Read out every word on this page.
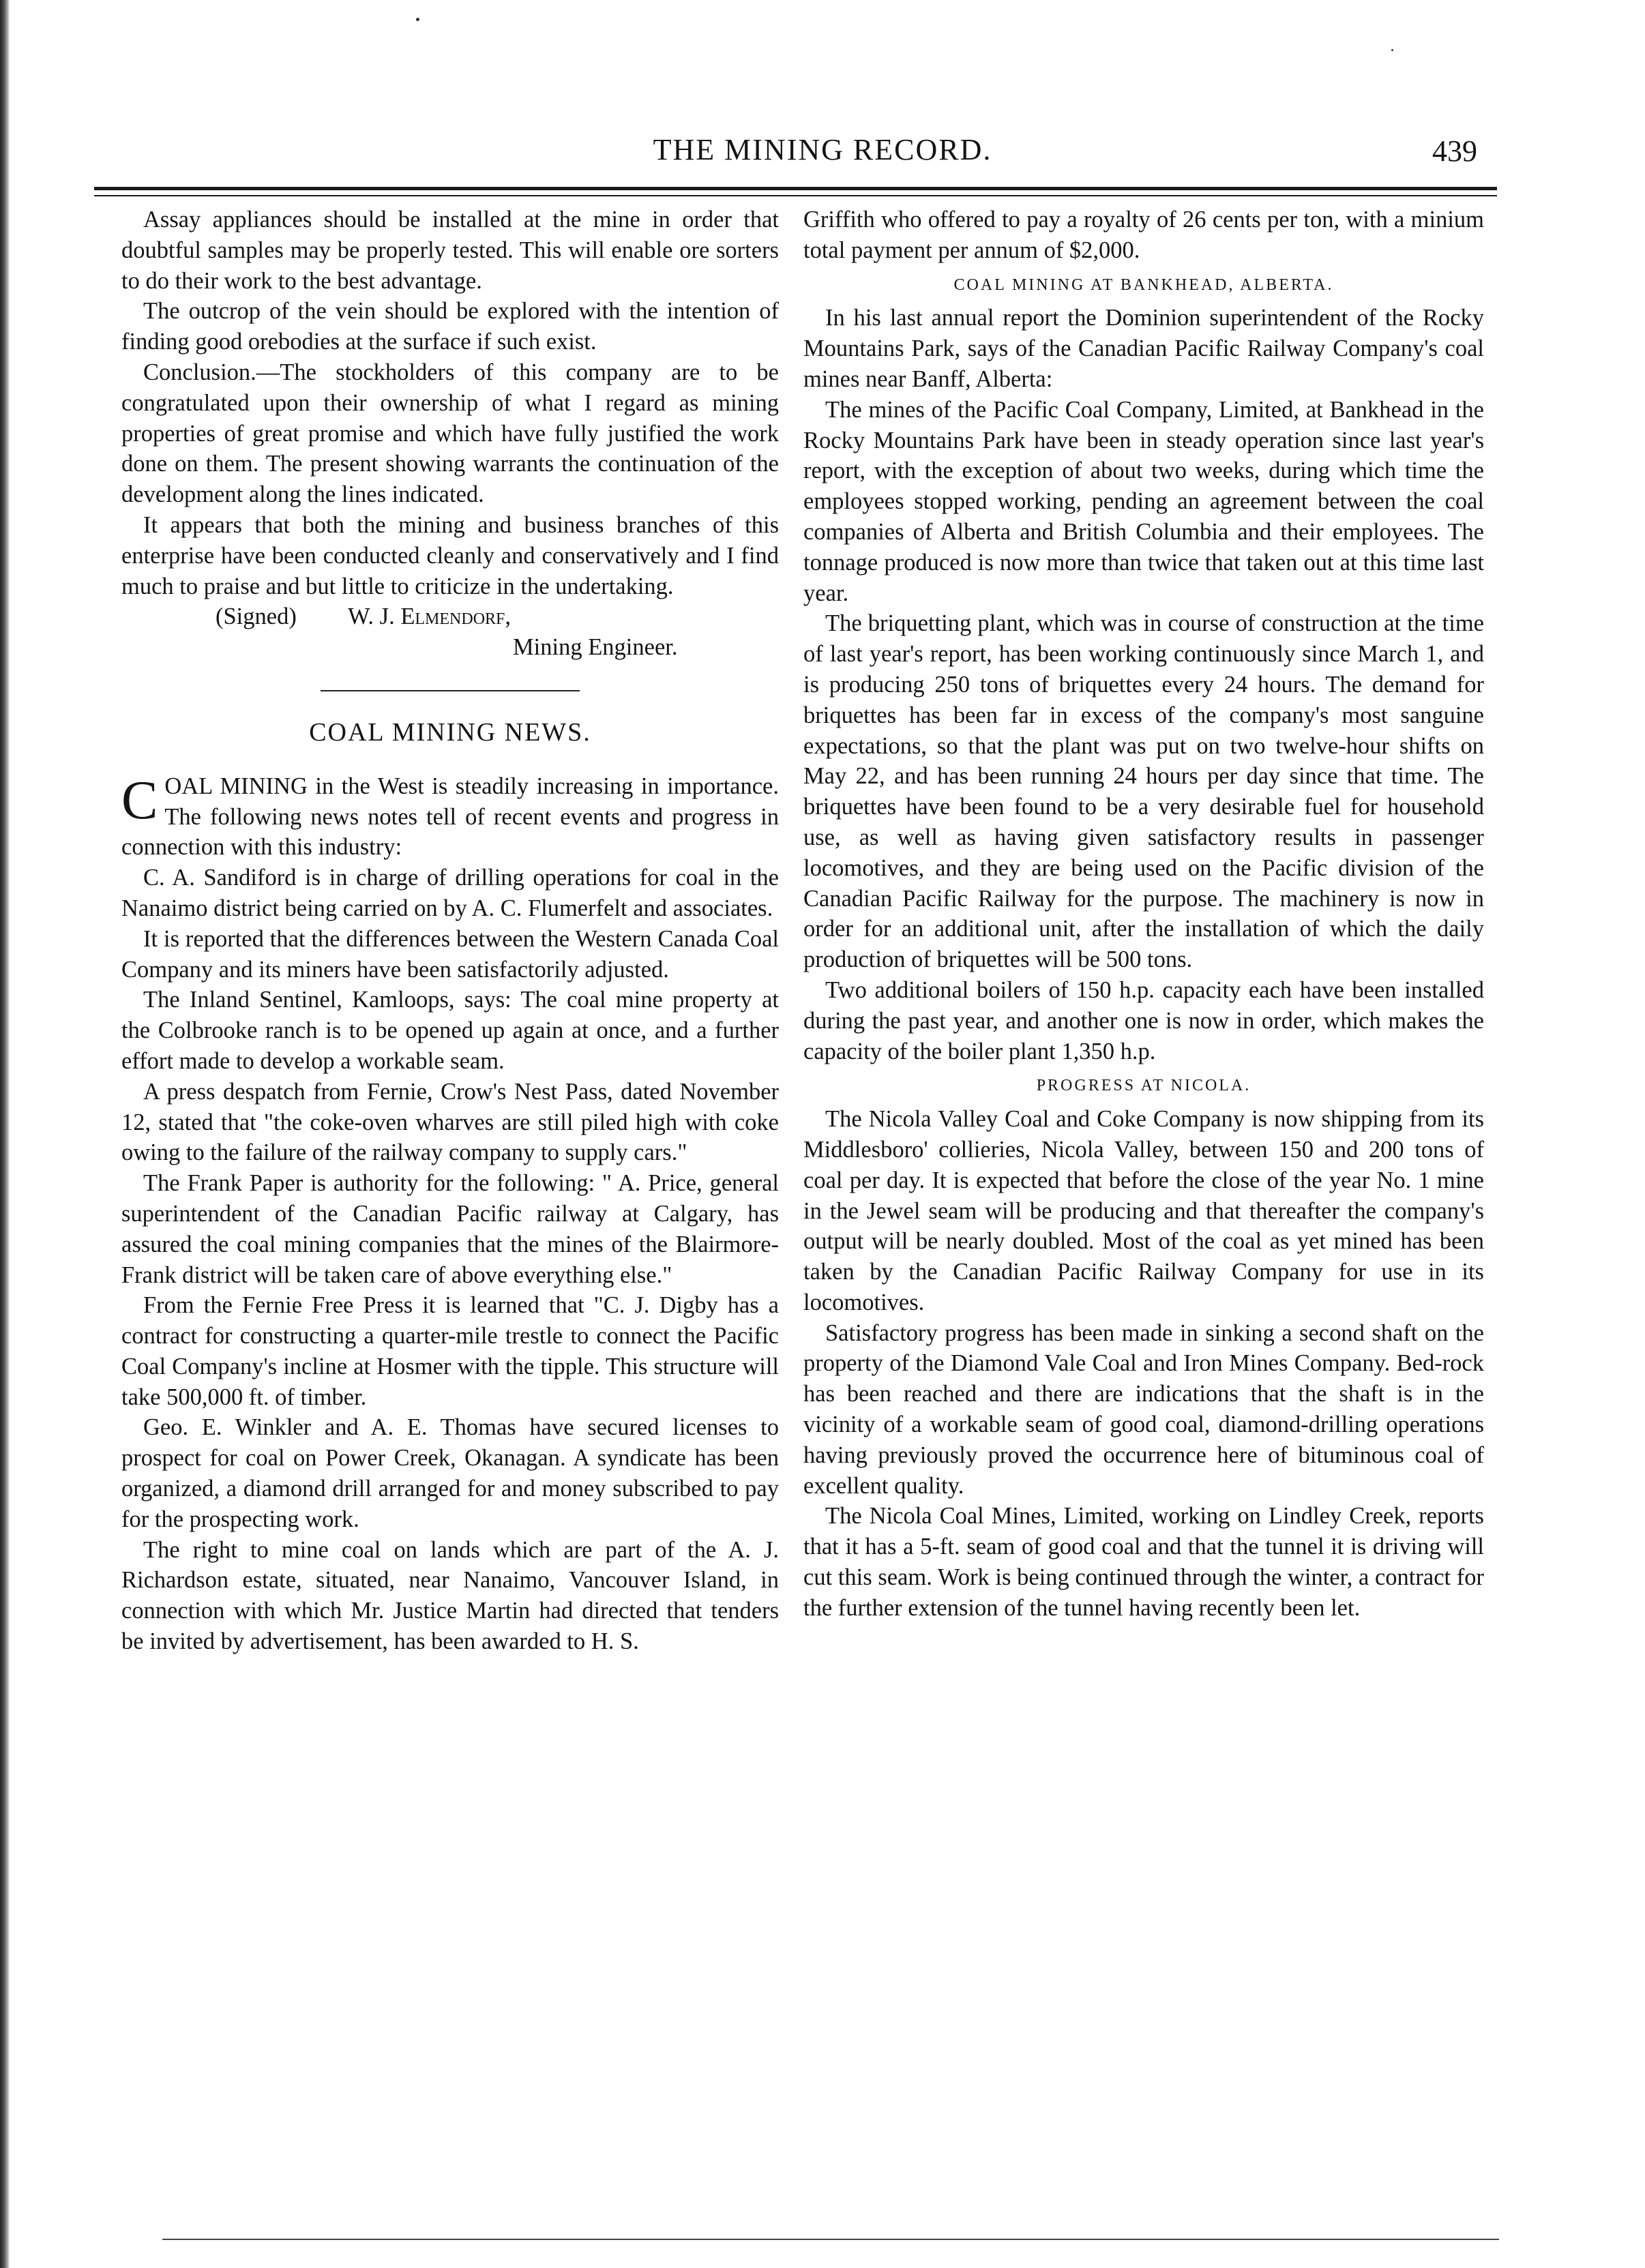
THE MINING RECORD.	439

Assay appliances should be installed at the mine in order that doubtful samples may be properly tested. This will enable ore sorters to do their work to the best advantage.

The outcrop of the vein should be explored with the intention of finding good orebodies at the surface if such exist.

Conclusion.—The stockholders of this company are to be congratulated upon their ownership of what I regard as mining properties of great promise and which have fully justified the work done on them. The present showing warrants the continuation of the development along the lines indicated.

It appears that both the mining and business branches of this enterprise have been conducted cleanly and conservatively and I find much to praise and but little to criticize in the undertaking.

(Signed) W. J. Elmendorf,

Mining Engineer.

COAL MINING NEWS.

COAL MINING in the West is steadily increasing in importance. The following news notes tell of recent events and progress in connection with this industry:

C. A. Sandiford is in charge of drilling operations for coal in the Nanaimo district being carried on by A. C. Flumerfelt and associates.

It is reported that the differences between the Western Canada Coal Company and its miners have been satisfactorily adjusted.

The Inland Sentinel, Kamloops, says: The coal mine property at the Colbrooke ranch is to be opened up again at once, and a further effort made to develop a workable seam.

A press despatch from Fernie, Crow's Nest Pass, dated November 12, stated that "the coke-oven wharves are still piled high with coke owing to the failure of the railway company to supply cars."

The Frank Paper is authority for the following: " A. Price, general superintendent of the Canadian Pacific railway at Calgary, has assured the coal mining companies that the mines of the Blairmore-Frank district will be taken care of above everything else."

From the Fernie Free Press it is learned that "C. J. Digby has a contract for constructing a quarter-mile trestle to connect the Pacific Coal Company's incline at Hosmer with the tipple. This structure will take 500,000 ft. of timber.

Geo. E. Winkler and A. E. Thomas have secured licenses to prospect for coal on Power Creek, Okanagan. A syndicate has been organized, a diamond drill arranged for and money subscribed to pay for the prospecting work.

The right to mine coal on lands which are part of the A. J. Richardson estate, situated, near Nanaimo, Vancouver Island, in connection with which Mr. Justice Martin had directed that tenders be invited by advertisement, has been awarded to H. S.

Griffith who offered to pay a royalty of 26 cents per ton, with a minium total payment per annum of $2,000.

COAL MINING AT BANKHEAD, ALBERTA.

In his last annual report the Dominion superintendent of the Rocky Mountains Park, says of the Canadian Pacific Railway Company's coal mines near Banff, Alberta:

The mines of the Pacific Coal Company, Limited, at Bankhead in the Rocky Mountains Park have been in steady operation since last year's report, with the exception of about two weeks, during which time the employees stopped working, pending an agreement between the coal companies of Alberta and British Columbia and their employees. The tonnage produced is now more than twice that taken out at this time last year.

The briquetting plant, which was in course of construction at the time of last year's report, has been working continuously since March 1, and is producing 250 tons of briquettes every 24 hours. The demand for briquettes has been far in excess of the company's most sanguine expectations, so that the plant was put on two twelve-hour shifts on May 22, and has been running 24 hours per day since that time. The briquettes have been found to be a very desirable fuel for household use, as well as having given satisfactory results in passenger locomotives, and they are being used on the Pacific division of the Canadian Pacific Railway for the purpose. The machinery is now in order for an additional unit, after the installation of which the daily production of briquettes will be 500 tons.

Two additional boilers of 150 h.p. capacity each have been installed during the past year, and another one is now in order, which makes the capacity of the boiler plant 1,350 h.p.

PROGRESS AT NICOLA.

The Nicola Valley Coal and Coke Company is now shipping from its Middlesboro' collieries, Nicola Valley, between 150 and 200 tons of coal per day. It is expected that before the close of the year No. 1 mine in the Jewel seam will be producing and that thereafter the company's output will be nearly doubled. Most of the coal as yet mined has been taken by the Canadian Pacific Railway Company for use in its locomotives.

Satisfactory progress has been made in sinking a second shaft on the property of the Diamond Vale Coal and Iron Mines Company. Bed-rock has been reached and there are indications that the shaft is in the vicinity of a workable seam of good coal, diamond-drilling operations having previously proved the occurrence here of bituminous coal of excellent quality.

The Nicola Coal Mines, Limited, working on Lindley Creek, reports that it has a 5-ft. seam of good coal and that the tunnel it is driving will cut this seam. Work is being continued through the winter, a contract for the further extension of the tunnel having recently been let.
